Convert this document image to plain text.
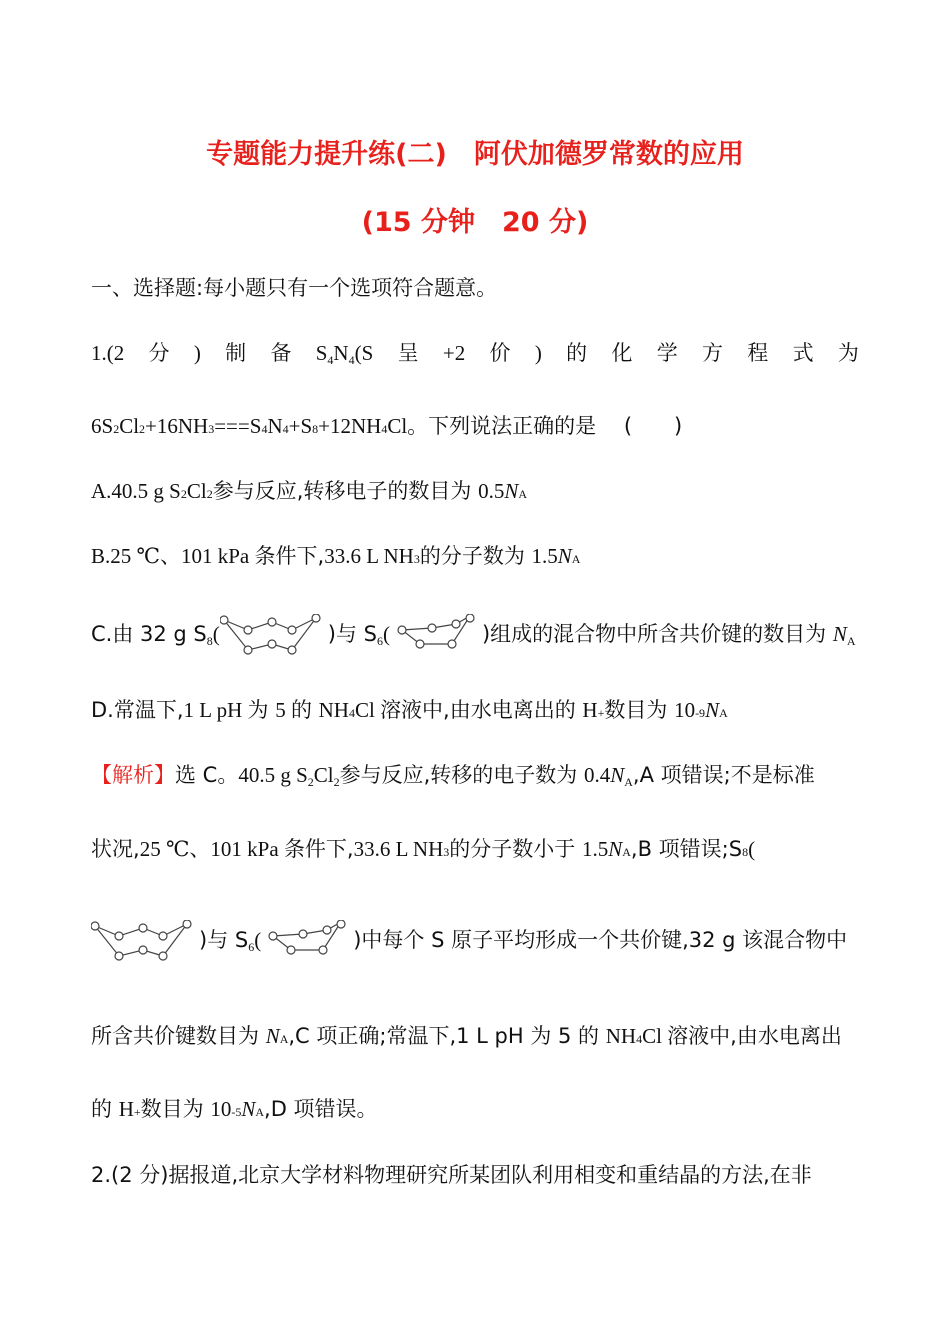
专题能力提升练(二)　阿伏加德罗常数的应用
(15 分钟　20 分)
一、选择题:每小题只有一个选项符合题意。
1.(2 分 ) 制 备 S4N4(S 呈 +2 价 ) 的 化 学 方 程 式 为
6S2Cl2+16NH3===S4N4+S8+12NH4Cl。下列说法正确的是　 (　　)
A.40.5 g S2Cl2参与反应,转移电子的数目为 0.5NA
B.25 ℃、101 kPa 条件下,33.6 L NH3的分子数为 1.5NA
C.由 32 g S8(	)与 S6(	)组成的混合物中所含共价键的数目为 NA
D.常温下,1 L pH 为 5 的 NH4Cl 溶液中,由水电离出的 H+数目为 10-9NA
【解析】选 C。40.5 g S2Cl2参与反应,转移的电子数为 0.4NA,A 项错误;不是标准
状况,25 ℃、101 kPa 条件下,33.6 L NH3的分子数小于 1.5NA,B 项错误;S8(
)与 S6(	)中每个 S 原子平均形成一个共价键,32 g 该混合物中
所含共价键数目为 NA,C 项正确;常温下,1 L pH 为 5 的 NH4Cl 溶液中,由水电离出
的 H+数目为 10-5NA,D 项错误。
2.(2 分)据报道,北京大学材料物理研究所某团队利用相变和重结晶的方法,在非
